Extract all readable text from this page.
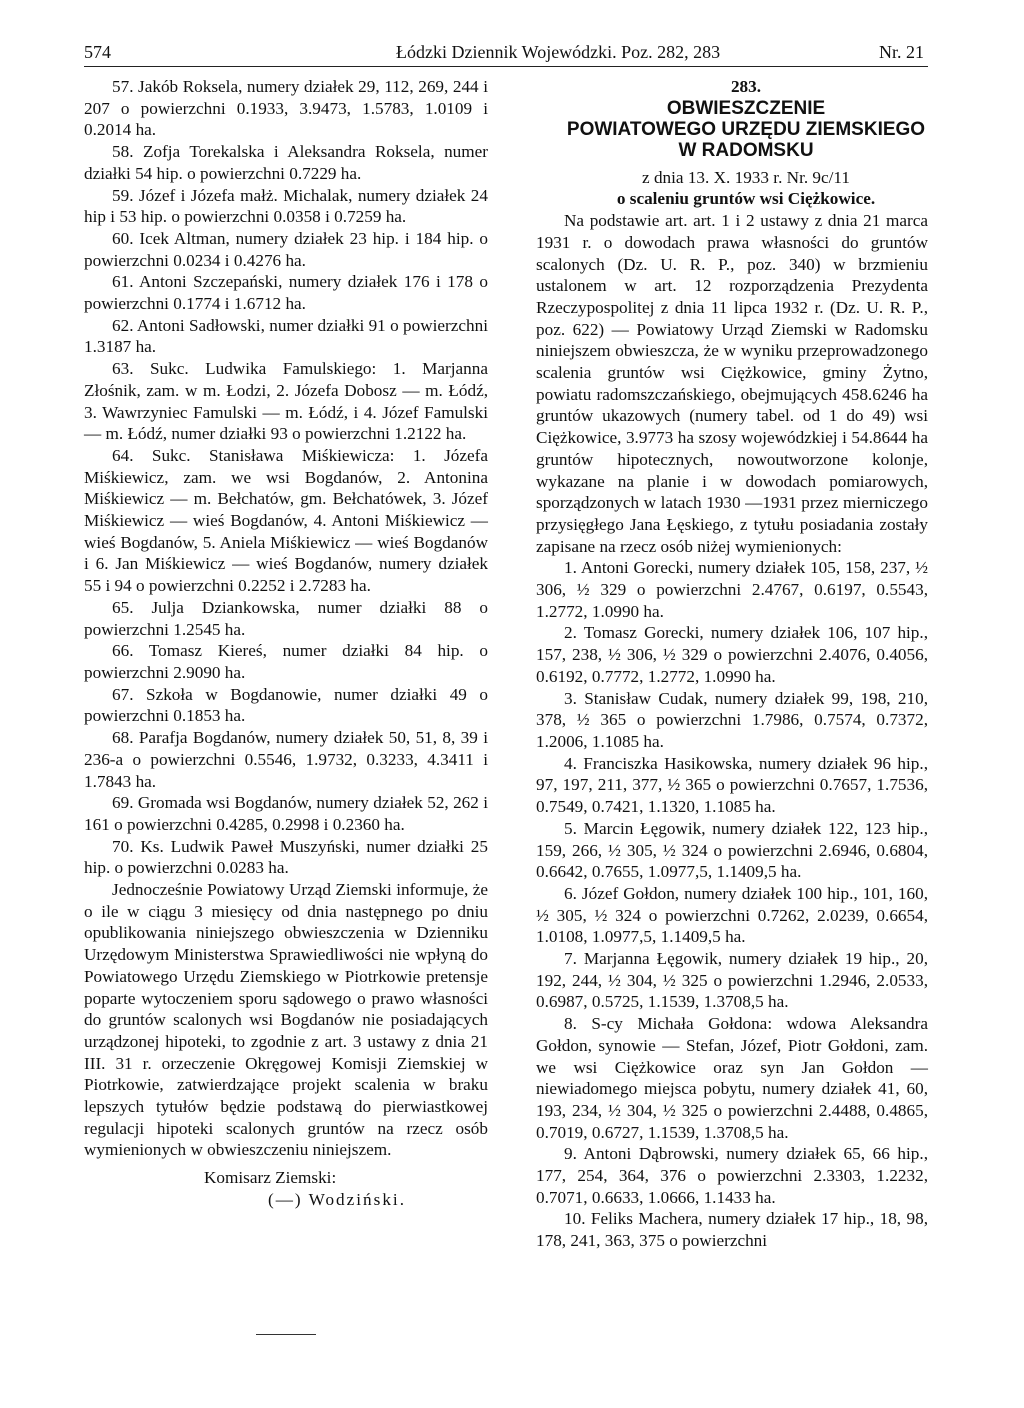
574	Łódzki Dziennik Wojewódzki. Poz. 282, 283	Nr. 21

57. Jakób Roksela, numery działek 29, 112, 269, 244 i 207 o powierzchni 0.1933, 3.9473, 1.5783, 1.0109 i 0.2014 ha.

58. Zofja Torekalska i Aleksandra Roksela, numer działki 54 hip. o powierzchni 0.7229 ha.

59. Józef i Józefa małż. Michalak, numery działek 24 hip i 53 hip. o powierzchni 0.0358 i 0.7259 ha.

60. Icek Altman, numery działek 23 hip. i 184 hip. o powierzchni 0.0234 i 0.4276 ha.

61. Antoni Szczepański, numery działek 176 i 178 o powierzchni 0.1774 i 1.6712 ha.

62. Antoni Sadłowski, numer działki 91 o powierzchni 1.3187 ha.

63. Sukc. Ludwika Famulskiego: 1. Marjanna Złośnik, zam. w m. Łodzi, 2. Józefa Dobosz — m. Łódź, 3. Wawrzyniec Famulski — m. Łódź, i 4. Józef Famulski — m. Łódź, numer działki 93 o powierzchni 1.2122 ha.

64. Sukc. Stanisława Miśkiewicza: 1. Józefa Miśkiewicz, zam. we wsi Bogdanów, 2. Antonina Miśkiewicz — m. Bełchatów, gm. Bełchatówek, 3. Józef Miśkiewicz — wieś Bogdanów, 4. Antoni Miśkiewicz — wieś Bogdanów, 5. Aniela Miśkiewicz — wieś Bogdanów i 6. Jan Miśkiewicz — wieś Bogdanów, numery działek 55 i 94 o powierzchni 0.2252 i 2.7283 ha.

65. Julja Dziankowska, numer działki 88 o powierzchni 1.2545 ha.

66. Tomasz Kiereś, numer działki 84 hip. o powierzchni 2.9090 ha.

67. Szkoła w Bogdanowie, numer działki 49 o powierzchni 0.1853 ha.

68. Parafja Bogdanów, numery działek 50, 51, 8, 39 i 236-a o powierzchni 0.5546, 1.9732, 0.3233, 4.3411 i 1.7843 ha.

69. Gromada wsi Bogdanów, numery działek 52, 262 i 161 o powierzchni 0.4285, 0.2998 i 0.2360 ha.

70. Ks. Ludwik Paweł Muszyński, numer działki 25 hip. o powierzchni 0.0283 ha.

Jednocześnie Powiatowy Urząd Ziemski informuje, że o ile w ciągu 3 miesięcy od dnia następnego po dniu opublikowania niniejszego obwieszczenia w Dzienniku Urzędowym Ministerstwa Sprawiedliwości nie wpłyną do Powiatowego Urzędu Ziemskiego w Piotrkowie pretensje poparte wytoczeniem sporu sądowego o prawo własności do gruntów scalonych wsi Bogdanów nie posiadających urządzonej hipoteki, to zgodnie z art. 3 ustawy z dnia 21 III. 31 r. orzeczenie Okręgowej Komisji Ziemskiej w Piotrkowie, zatwierdzające projekt scalenia w braku lepszych tytułów będzie podstawą do pierwiastkowej regulacji hipoteki scalonych gruntów na rzecz osób wymienionych w obwieszczeniu niniejszem.

Komisarz Ziemski:

(—) Wodziński.

283.

OBWIESZCZENIE

POWIATOWEGO URZĘDU ZIEMSKIEGO

W RADOMSKU

z dnia 13. X. 1933 r. Nr. 9c/11

o scaleniu gruntów wsi Ciężkowice.

Na podstawie art. art. 1 i 2 ustawy z dnia 21 marca 1931 r. o dowodach prawa własności do gruntów scalonych (Dz. U. R. P., poz. 340) w brzmieniu ustalonem w art. 12 rozporządzenia Prezydenta Rzeczypospolitej z dnia 11 lipca 1932 r. (Dz. U. R. P., poz. 622) — Powiatowy Urząd Ziemski w Radomsku niniejszem obwieszcza, że w wyniku przeprowadzonego scalenia gruntów wsi Ciężkowice, gminy Żytno, powiatu radomszczańskiego, obejmujących 458.6246 ha gruntów ukazowych (numery tabel. od 1 do 49) wsi Ciężkowice, 3.9773 ha szosy wojewódzkiej i 54.8644 ha gruntów hipotecznych, nowoutworzone kolonje, wykazane na planie i w dowodach pomiarowych, sporządzonych w latach 1930 —1931 przez mierniczego przysięgłego Jana Łęskiego, z tytułu posiadania zostały zapisane na rzecz osób niżej wymienionych:

1. Antoni Gorecki, numery działek 105, 158, 237, ½ 306, ½ 329 o powierzchni 2.4767, 0.6197, 0.5543, 1.2772, 1.0990 ha.

2. Tomasz Gorecki, numery działek 106, 107 hip., 157, 238, ½ 306, ½ 329 o powierzchni 2.4076, 0.4056, 0.6192, 0.7772, 1.2772, 1.0990 ha.

3. Stanisław Cudak, numery działek 99, 198, 210, 378, ½ 365 o powierzchni 1.7986, 0.7574, 0.7372, 1.2006, 1.1085 ha.

4. Franciszka Hasikowska, numery działek 96 hip., 97, 197, 211, 377, ½ 365 o powierzchni 0.7657, 1.7536, 0.7549, 0.7421, 1.1320, 1.1085 ha.

5. Marcin Łęgowik, numery działek 122, 123 hip., 159, 266, ½ 305, ½ 324 o powierzchni 2.6946, 0.6804, 0.6642, 0.7655, 1.0977,5, 1.1409,5 ha.

6. Józef Gołdon, numery działek 100 hip., 101, 160, ½ 305, ½ 324 o powierzchni 0.7262, 2.0239, 0.6654, 1.0108, 1.0977,5, 1.1409,5 ha.

7. Marjanna Łęgowik, numery działek 19 hip., 20, 192, 244, ½ 304, ½ 325 o powierzchni 1.2946, 2.0533, 0.6987, 0.5725, 1.1539, 1.3708,5 ha.

8. S-cy Michała Gołdona: wdowa Aleksandra Gołdon, synowie — Stefan, Józef, Piotr Gołdoni, zam. we wsi Ciężkowice oraz syn Jan Gołdon — niewiadomego miejsca pobytu, numery działek 41, 60, 193, 234, ½ 304, ½ 325 o powierzchni 2.4488, 0.4865, 0.7019, 0.6727, 1.1539, 1.3708,5 ha.

9. Antoni Dąbrowski, numery działek 65, 66 hip., 177, 254, 364, 376 o powierzchni 2.3303, 1.2232, 0.7071, 0.6633, 1.0666, 1.1433 ha.

10. Feliks Machera, numery działek 17 hip., 18, 98, 178, 241, 363, 375 o powierzchni
